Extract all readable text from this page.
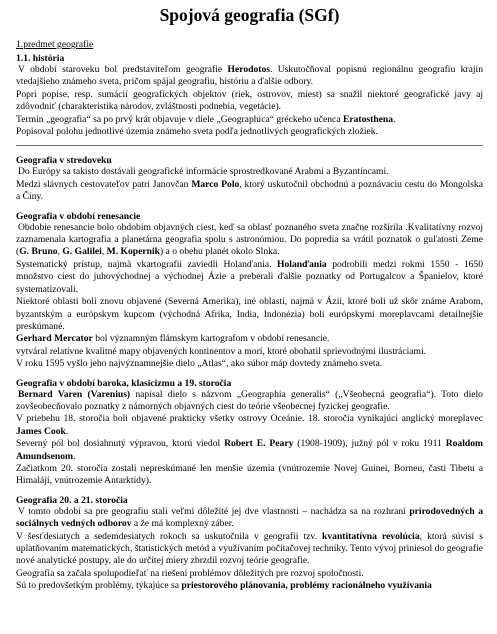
Spojová geografia (SGf)
1.predmet geografie
1.1. história
V období staroveku bol predstaviteľom geografie Herodotos. Uskutočňoval popisnú regionálnu geografiu krajín vtedajšieho známeho sveta, pričom spájal geografiu, históriu a ďalšie odbory.
Popri popise, resp. sumácií geografických objektov (riek, ostrovov, miest) sa snažil niektoré geografické javy aj zdôvodniť (charakteristika národov, zvláštnosti podnebia, vegetácie).
Termín „geografia“ sa po prvý krát objavuje v diele „Geographica“ gréckeho učenca Eratosthena.
Popisoval polohu jednotlivé územia známeho sveta podľa jednotlivých geografických zložiek.
Geografia v stredoveku
Do Európy sa takisto dostávali geografické informácie sprostredkované Arabmi a Byzantíncami.
Medzi slávnych cestovateľov patrí Janovčan Marco Polo, ktorý uskutočnil obchodnú a poznávaciu cestu do Mongolska a Číny.
Geografia v období renesancie
Obdobie renesancie bolo obdobím objavných ciest, keď sa oblasť poznaného sveta značne rozšírila .Kvalitatívny rozvoj zaznamenala kartografia a planetárna geografia spolu s astronómiou. Do popredia sa vrátil poznatok o guľatosti Zeme (G. Bruno, G. Galilei, M. Kopernik) a o obehu planét okolo Slnka.
Systematický prístup, najmä vkartografii zaviedli Holanďania. Holanďania podrobili medzi rokmi 1550 - 1650 množstvo ciest do juhovýchodnej a východnej Ázie a preberali ďalšie poznatky od Portugalcov a Španielov, ktoré systematizovali.
Niektoré oblasti boli znovu objavené (Severná Amerika), iné oblasti, najmä v Ázii, ktoré boli už skôr známe Arabom, byzantským a európskym kupcom (východná Afrika, India, Indonézia) boli európskymi moreplavcami detailnejšie preskúmané.
Gerhard Mercator bol významným flámskym kartografom v období renesancie.
vytváral relatívne kvalitné mapy objavených kontinentov a morí, ktoré obohatil sprievodnými ilustráciami.
V roku 1595 vyšlo jeho najvýznamnejšie dielo „Atlas“, ako súbor máp dovtedy známeho sveta.
Geografia v období baroka, klasicizmu a 19. storočia
Bernard Varen (Varenius) napísal dielo s názvom „Geographia generalis“ („Všeobecná geografia“). Toto dielo zovšeobecňovalo poznatky z námorných objavných ciest do teórie všeobecnej fyzickej geografie.
V priebehu 18. storočia boli objavené prakticky všetky ostrovy Oceánie. 18. storočia vynikajúci anglický moreplavec James Cook.
Severný pól bol dosiahnutý výpravou, ktorú viedol Robert E. Peary (1908-1909), južný pól v roku 1911 Roaldom Amundsenom.
Začiatkom 20. storočia zostali nepreskúmané len menšie územia (vnútrozemie Novej Guinei, Borneu, časti Tibetu a Himalájí, vnútrozemie Antarktídy).
Geografia 20. a 21. storočia
V tomto období sa pre geografiu stali veľmi dôležité jej dve vlastnosti – nachádza sa na rozhraní prírodovedných a sociálnych vedných odborov a že má komplexný záber.
V šesťdesiatych a sedemdesiatych rokoch sa uskutočnila v geografii tzv. kvantitatívna revolúcia, ktorá súvisí s uplatňovaním matematických, štatistických metód a využívaním počítačovej techniky. Tento vývoj priniesol do geografie nové analytické postupy, ale do určitej miery zbrzdil rozvoj teórie geografie.
Geografia sa začala spolupodieľať na riešení problémov dôležitých pre rozvoj spoločnosti.
Sú to predovšetkým problémy, týkajúce sa priestorového plánovania, problémy racionálneho využívania
